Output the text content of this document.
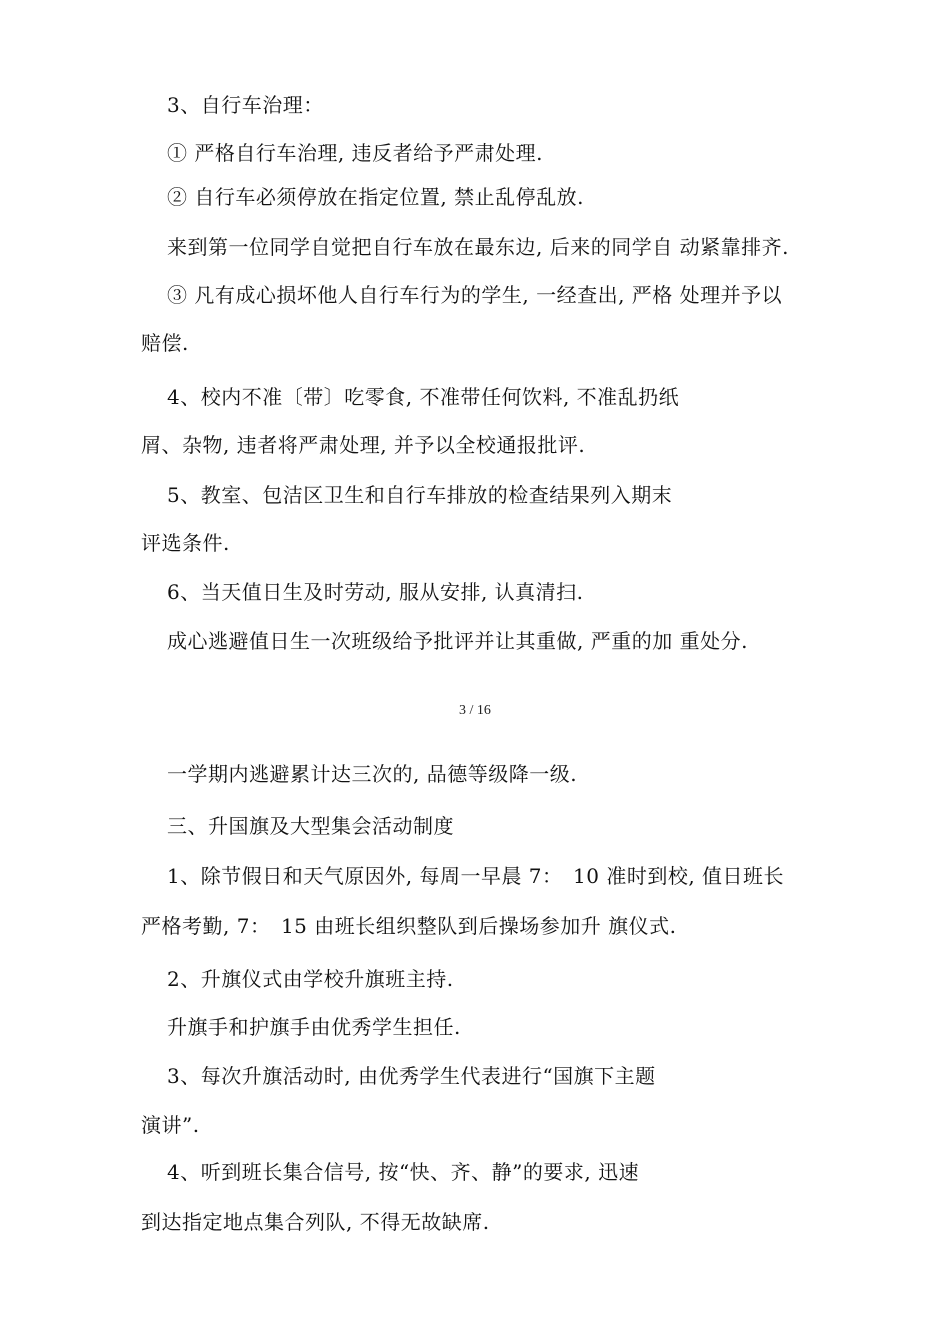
3、自行车治理：
① 严格自行车治理, 违反者给予严肃处理.
② 自行车必须停放在指定位置, 禁止乱停乱放.
来到第一位同学自觉把自行车放在最东边, 后来的同学自 动紧靠排齐.
③ 凡有成心损坏他人自行车行为的学生, 一经查出, 严格 处理并予以
赔偿.
4、校内不准〔带〕吃零食, 不准带任何饮料, 不准乱扔纸
屑、杂物, 违者将严肃处理, 并予以全校通报批评.
5、教室、包洁区卫生和自行车排放的检查结果列入期末
评选条件.
6、当天值日生及时劳动, 服从安排, 认真清扫.
成心逃避值日生一次班级给予批评并让其重做, 严重的加 重处分.
3 / 16
一学期内逃避累计达三次的, 品德等级降一级.
三、升国旗及大型集会活动制度
1、除节假日和天气原因外, 每周一早晨 7：　10 准时到校, 值日班长
严格考勤, 7：　15 由班长组织整队到后操场参加升 旗仪式.
2、升旗仪式由学校升旗班主持.
升旗手和护旗手由优秀学生担任.
3、每次升旗活动时, 由优秀学生代表进行“国旗下主题
演讲”.
4、听到班长集合信号, 按“快、齐、静”的要求, 迅速
到达指定地点集合列队, 不得无故缺席.
